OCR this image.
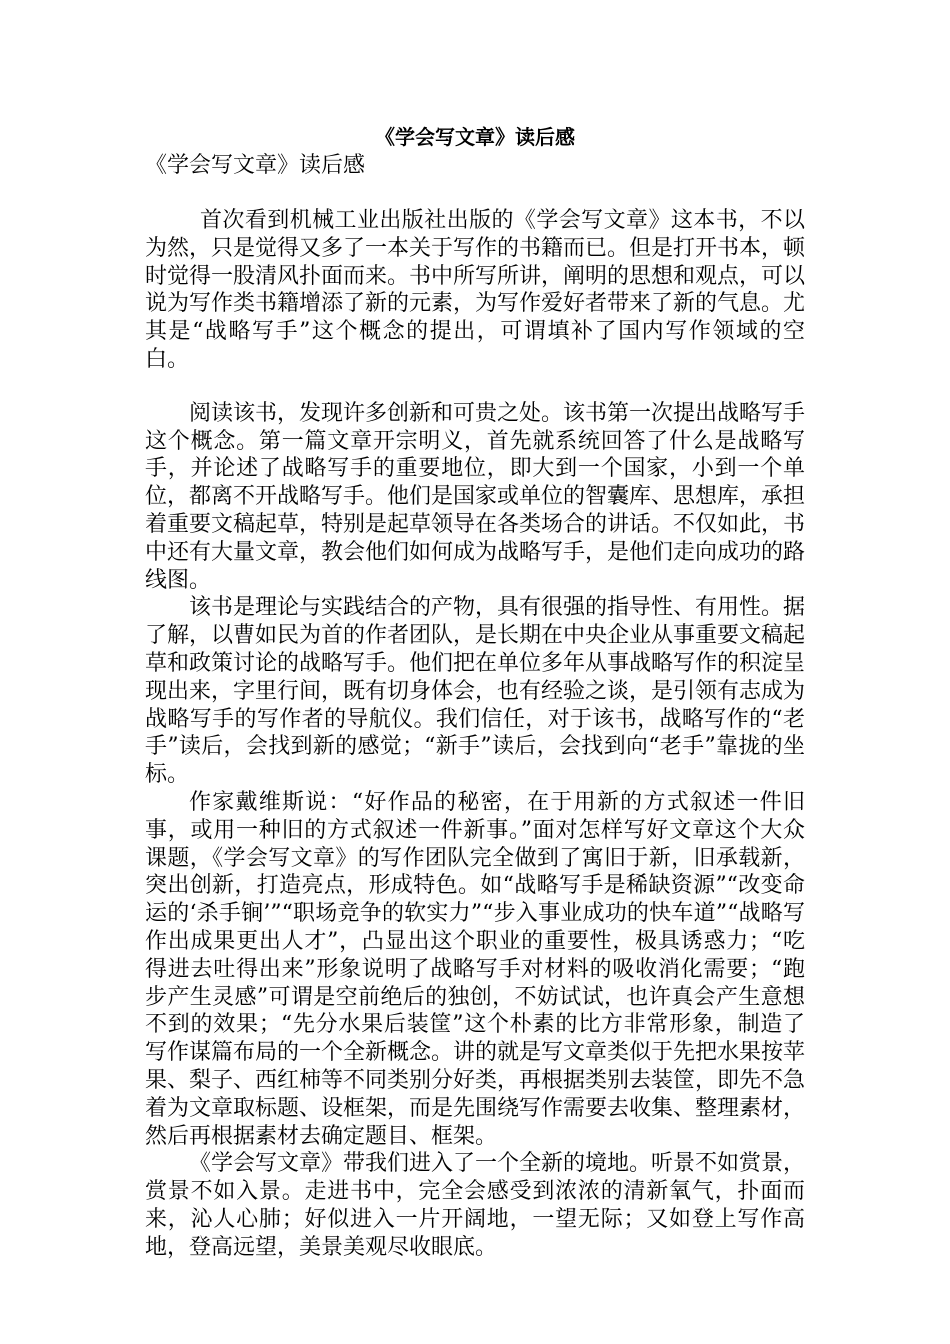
《学会写文章》读后感
《学会写文章》读后感

首次看到机械工业出版社出版的《学会写文章》这本书，不以为然，只是觉得又多了一本关于写作的书籍而已。但是打开书本，顿时觉得一股清风扑面而来。书中所写所讲，阐明的思想和观点，可以说为写作类书籍增添了新的元素，为写作爱好者带来了新的气息。尤其是“战略写手”这个概念的提出，可谓填补了国内写作领域的空白。

阅读该书，发现许多创新和可贵之处。该书第一次提出战略写手这个概念。第一篇文章开宗明义，首先就系统回答了什么是战略写手，并论述了战略写手的重要地位，即大到一个国家，小到一个单位，都离不开战略写手。他们是国家或单位的智囊库、思想库，承担着重要文稿起草，特别是起草领导在各类场合的讲话。不仅如此，书中还有大量文章，教会他们如何成为战略写手，是他们走向成功的路线图。

该书是理论与实践结合的产物，具有很强的指导性、有用性。据了解，以曹如民为首的作者团队，是长期在中央企业从事重要文稿起草和政策讨论的战略写手。他们把在单位多年从事战略写作的积淀呈现出来，字里行间，既有切身体会，也有经验之谈，是引领有志成为战略写手的写作者的导航仪。我们信任，对于该书，战略写作的“老手”读后，会找到新的感觉；“新手”读后，会找到向“老手”靠拢的坐标。

作家戴维斯说：“好作品的秘密，在于用新的方式叙述一件旧事，或用一种旧的方式叙述一件新事。”面对怎样写好文章这个大众课题，《学会写文章》的写作团队完全做到了寓旧于新，旧承载新，突出创新，打造亮点，形成特色。如“战略写手是稀缺资源”“改变命运的‘杀手锏’”“职场竞争的软实力”“步入事业成功的快车道”“战略写作出成果更出人才”，凸显出这个职业的重要性，极具诱惑力；“吃得进去吐得出来”形象说明了战略写手对材料的吸收消化需要；“跑步产生灵感”可谓是空前绝后的独创，不妨试试，也许真会产生意想不到的效果；“先分水果后装筐”这个朴素的比方非常形象，制造了写作谋篇布局的一个全新概念。讲的就是写文章类似于先把水果按苹果、梨子、西红柿等不同类别分好类，再根据类别去装筐，即先不急着为文章取标题、设框架，而是先围绕写作需要去收集、整理素材，然后再根据素材去确定题目、框架。

《学会写文章》带我们进入了一个全新的境地。听景不如赏景，赏景不如入景。走进书中，完全会感受到浓浓的清新氧气，扑面而来，沁人心肺；好似进入一片开阔地，一望无际；又如登上写作高地，登高远望，美景美观尽收眼底。
